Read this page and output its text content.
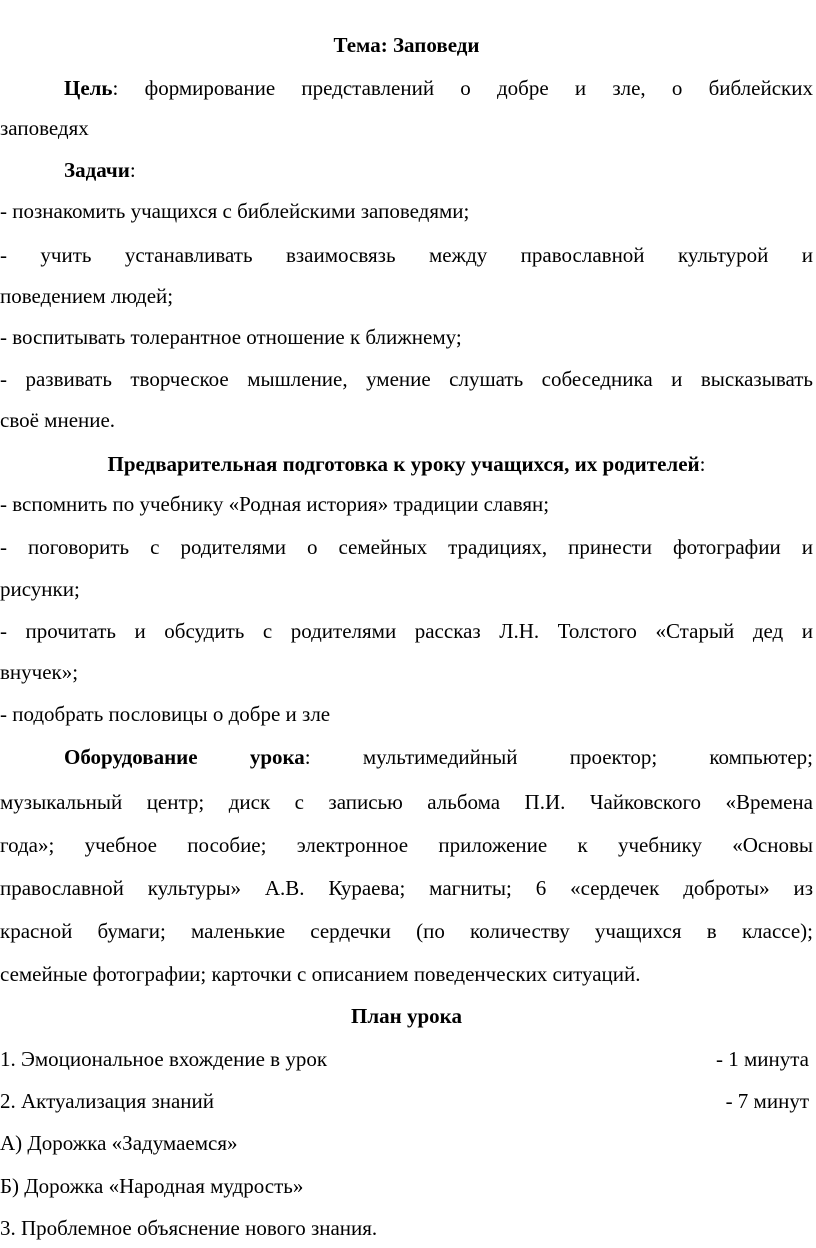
Тема: Заповеди
Цель: формирование представлений о добре и зле, о библейских
заповедях
Задачи:
- познакомить учащихся с библейскими заповедями;
- учить устанавливать взаимосвязь между православной культурой и
поведением людей;
- воспитывать толерантное отношение к ближнему;
- развивать творческое мышление, умение слушать собеседника и высказывать
своё мнение.
Предварительная подготовка к уроку учащихся, их родителей:
- вспомнить по учебнику «Родная история» традиции славян;
- поговорить с родителями о семейных традициях, принести фотографии и
рисунки;
- прочитать и обсудить с родителями рассказ Л.Н. Толстого «Старый дед и
внучек»;
- подобрать пословицы о добре и зле
Оборудование урока: мультимедийный проектор; компьютер;
музыкальный центр; диск с записью альбома П.И. Чайковского «Времена
года»; учебное пособие; электронное приложение к учебнику «Основы
православной культуры» А.В. Кураева; магниты; 6 «сердечек доброты» из
красной бумаги; маленькие сердечки (по количеству учащихся в классе);
семейные фотографии; карточки с описанием поведенческих ситуаций.
План урока
1. Эмоциональное вхождение в урок	- 1 минута
2. Актуализация знаний	- 7 минут
А) Дорожка «Задумаемся»
Б) Дорожка «Народная мудрость»
3. Проблемное объяснение нового знания.
